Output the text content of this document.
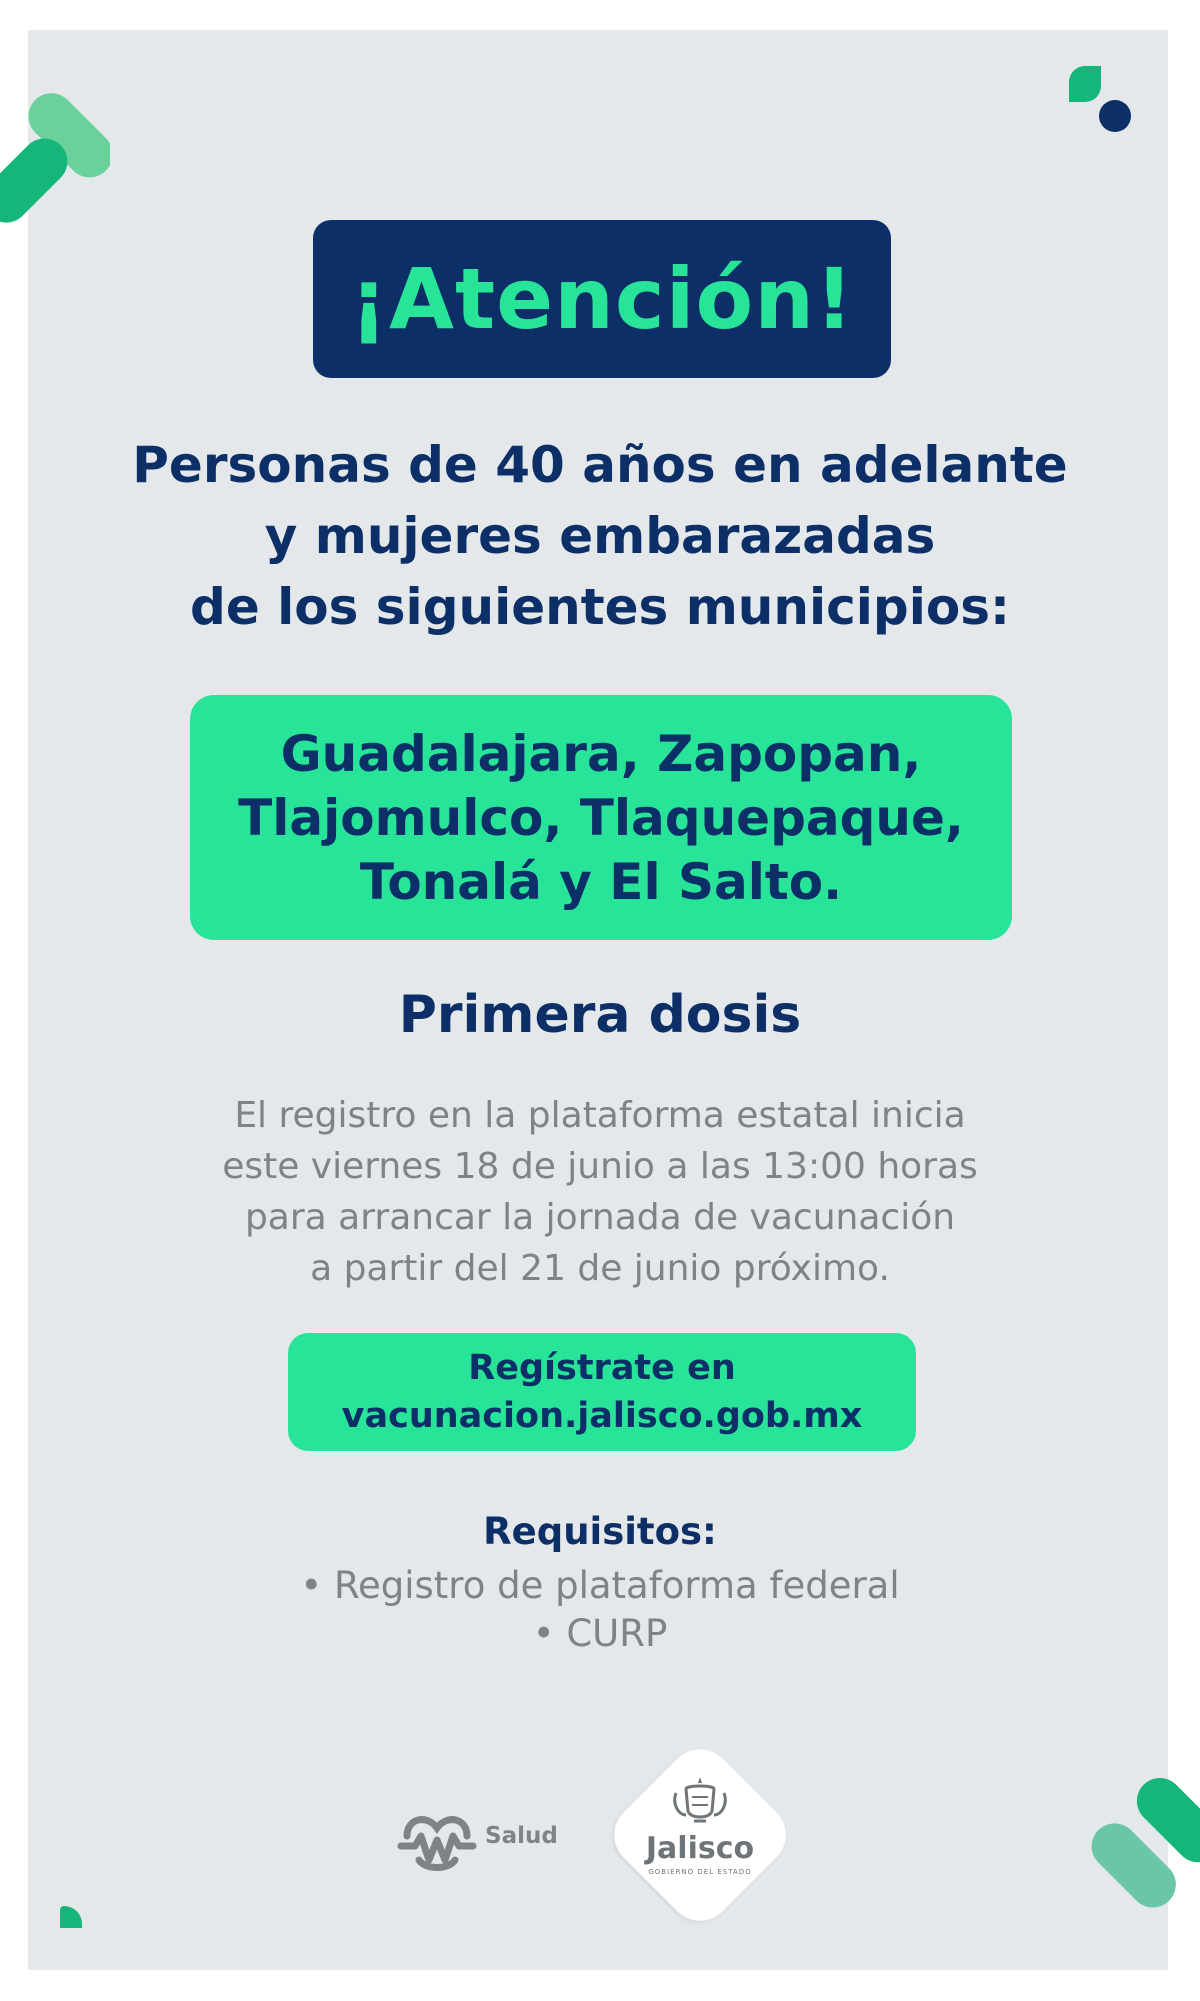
¡Atención!
Personas de 40 años en adelante
y mujeres embarazadas
de los siguientes municipios:
Guadalajara, Zapopan,
Tlajomulco, Tlaquepaque,
Tonalá y El Salto.
Primera dosis
El registro en la plataforma estatal inicia
este viernes 18 de junio a las 13:00 horas
para arrancar la jornada de vacunación
a partir del 21 de junio próximo.
Regístrate en
vacunacion.jalisco.gob.mx
Requisitos:
• Registro de plataforma federal
• CURP
Salud	Jalisco
GOBIERNO DEL ESTADO
